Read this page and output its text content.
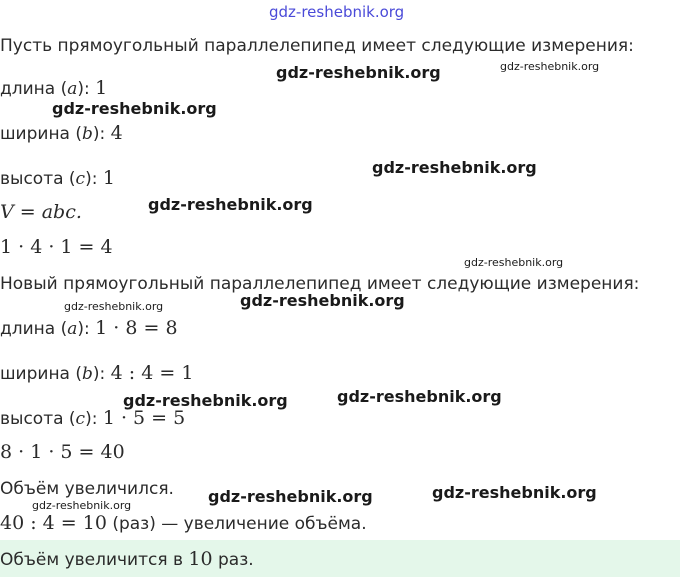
gdz-reshebnik.org
Пусть прямоугольный параллелепипед имеет следующие измерения:
длина (a): 1
ширина (b): 4
высота (c): 1
V = abc.
1 · 4 · 1 = 4
Новый прямоугольный параллелепипед имеет следующие измерения:
длина (a): 1 · 8 = 8
ширина (b): 4 : 4 = 1
высота (c): 1 · 5 = 5
8 · 1 · 5 = 40
Объём увеличился.
40 : 4 = 10 (раз) — увеличение объёма.
Объём увеличится в 10 раз.
gdz-reshebnik.org	gdz-reshebnik.org
gdz-reshebnik.org
gdz-reshebnik.org
gdz-reshebnik.org
gdz-reshebnik.org
gdz-reshebnik.org
gdz-reshebnik.org
gdz-reshebnik.org	gdz-reshebnik.org
gdz-reshebnik.org	gdz-reshebnik.org
gdz-reshebnik.org
